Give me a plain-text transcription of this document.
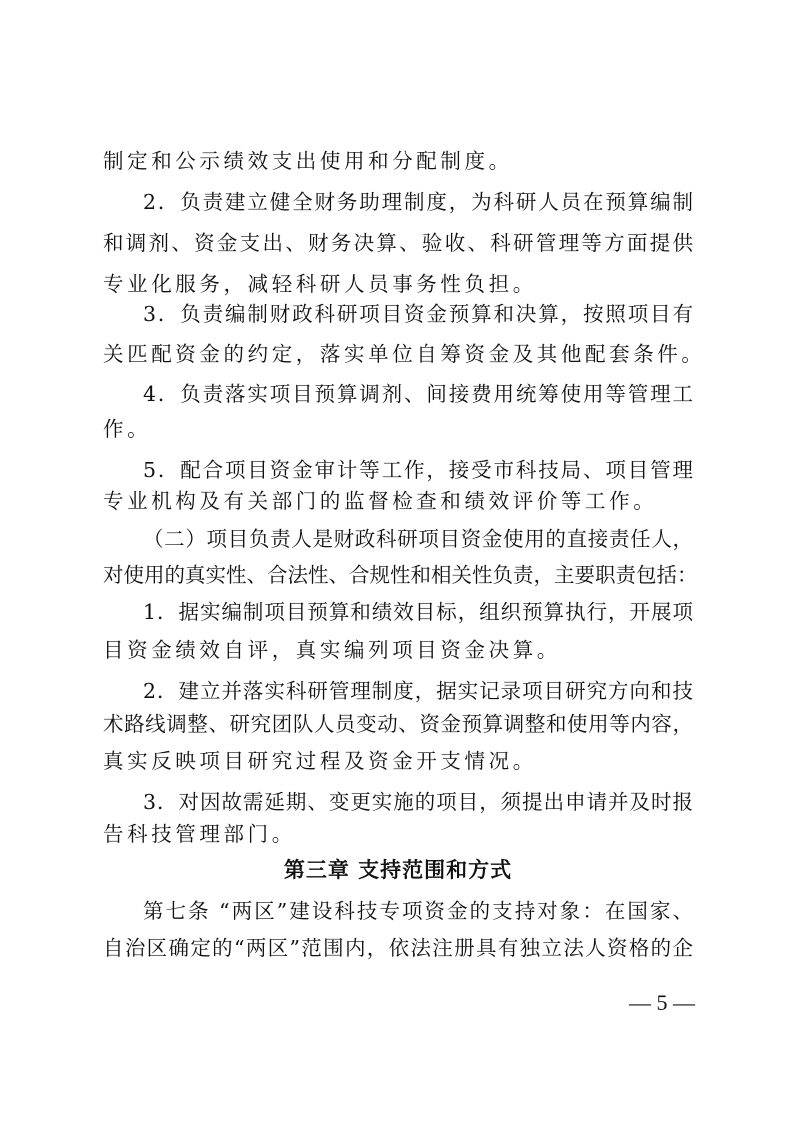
制定和公示绩效支出使用和分配制度。
2．负责建立健全财务助理制度，为科研人员在预算编制
和调剂、资金支出、财务决算、验收、科研管理等方面提供
专业化服务，减轻科研人员事务性负担。
3．负责编制财政科研项目资金预算和决算，按照项目有
关匹配资金的约定，落实单位自筹资金及其他配套条件。
4．负责落实项目预算调剂、间接费用统筹使用等管理工
作。
5．配合项目资金审计等工作，接受市科技局、项目管理
专业机构及有关部门的监督检查和绩效评价等工作。
（二）项目负责人是财政科研项目资金使用的直接责任人，
对使用的真实性、合法性、合规性和相关性负责，主要职责包括：
1．据实编制项目预算和绩效目标，组织预算执行，开展项
目资金绩效自评，真实编列项目资金决算。
2．建立并落实科研管理制度，据实记录项目研究方向和技
术路线调整、研究团队人员变动、资金预算调整和使用等内容，
真实反映项目研究过程及资金开支情况。
3．对因故需延期、变更实施的项目，须提出申请并及时报
告科技管理部门。
第三章 支持范围和方式
第七条 “两区”建设科技专项资金的支持对象：在国家、
自治区确定的“两区”范围内，依法注册具有独立法人资格的企
— 5 —
